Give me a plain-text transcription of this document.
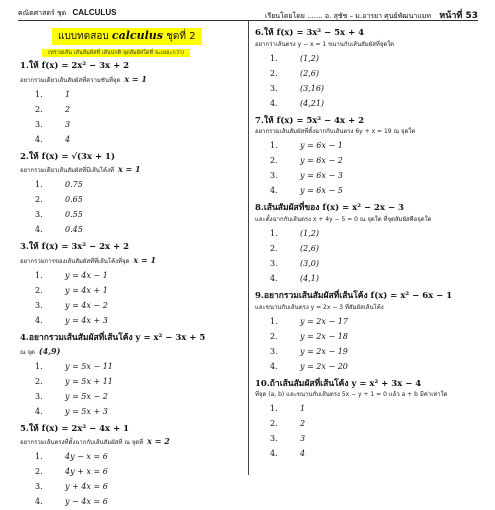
คณิตศาสตร์ ชุด CALCULUS	เรียนโดยโดย ....... อ. สุชัช – ม.อารยา ศุนย์พัฒนาแมท หน้าที่ 53
แบบทดสอบ calculus ชุดที่ 2 (ทรายเส้น เส้นสัมผัสที่ เส้นปกติ จุดสัมผัสใดที่ จะเยอะกว่า)
1.ให้ f(x) = 2x² − 3x + 2
อยากรวมเดียวเส้นสัมผัสที่ความชันที่จุด x = 1
1.	1
2.	2
3.	3
4.	4
2.ให้ f(x) = √(3x + 1)
อยากรวมเดียวเส้นสัมผัสที่มีเส้นโค้งที่ x = 1
1.	0.75
2.	0.65
3.	0.55
4.	0.45
3.ให้ f(x) = 3x² − 2x + 2
อยากรวมการของเส้นสัมผัสที่ที่เส้นโค้งที่จุด x = 1
1.	y = 4x − 1
2.	y = 4x + 1
3.	y = 4x − 2
4.	y = 4x + 3
4.อยากรวมเส้นสัมผัสที่เส้นโค้ง y = x² − 3x + 5
ณ จุด (4,9)
1.	y = 5x − 11
2.	y = 5x + 11
3.	y = 5x − 2
4.	y = 5x + 3
5.ให้ f(x) = 2x² − 4x + 1
อยากรวมเส้นตรงที่ตั้งฉากกับเส้นสัมผัสที่ ณ จุดที่ x = 2
1.	4y − x = 6
2.	4y + x = 6
3.	y + 4x = 6
4.	y − 4x = 6
6.ให้ f(x) = 3x² − 5x + 4
อยากว่าเส้นตรง y − x = 1 ขนานกับเส้นสัมผัสที่จุดใด
1.	(1,2)
2.	(2,6)
3.	(3,16)
4.	(4,21)
7.ให้ f(x) = 5x² − 4x + 2
อยากรวมเส้นสัมผัสที่ตั้งฉากกับเส้นตรง 6y + x = 19 ณ จุดใด
1.	y = 6x − 1
2.	y = 6x − 2
3.	y = 6x − 3
4.	y = 6x − 5
8.เส้นสัมผัสที่ของ f(x) = x² − 2x − 3
และตั้งฉากกับเส้นตรง x + 4y − 5 = 0 ณ จุดใด ที่จุดสัมผัสคือจุดใด
1.	(1,2)
2.	(2,6)
3.	(3,0)
4.	(4,1)
9.อยากรวมเส้นสัมผัสที่เส้นโค้ง f(x) = x² − 6x − 1
และขนานกับเส้นตรง y = 2x − 3 ที่สัมผัสเส้นโค้ง
1.	y = 2x − 17
2.	y = 2x − 18
3.	y = 2x − 19
4.	y = 2x − 20
10.ถ้าเส้นสัมผัสที่เส้นโค้ง y = x² + 3x − 4
ที่จุด (a, b) และขนานกับเส้นตรง 5x − y + 1 = 0 แล้ว a + b มีค่าเท่าใด
1.	1
2.	2
3.	3
4.	4
